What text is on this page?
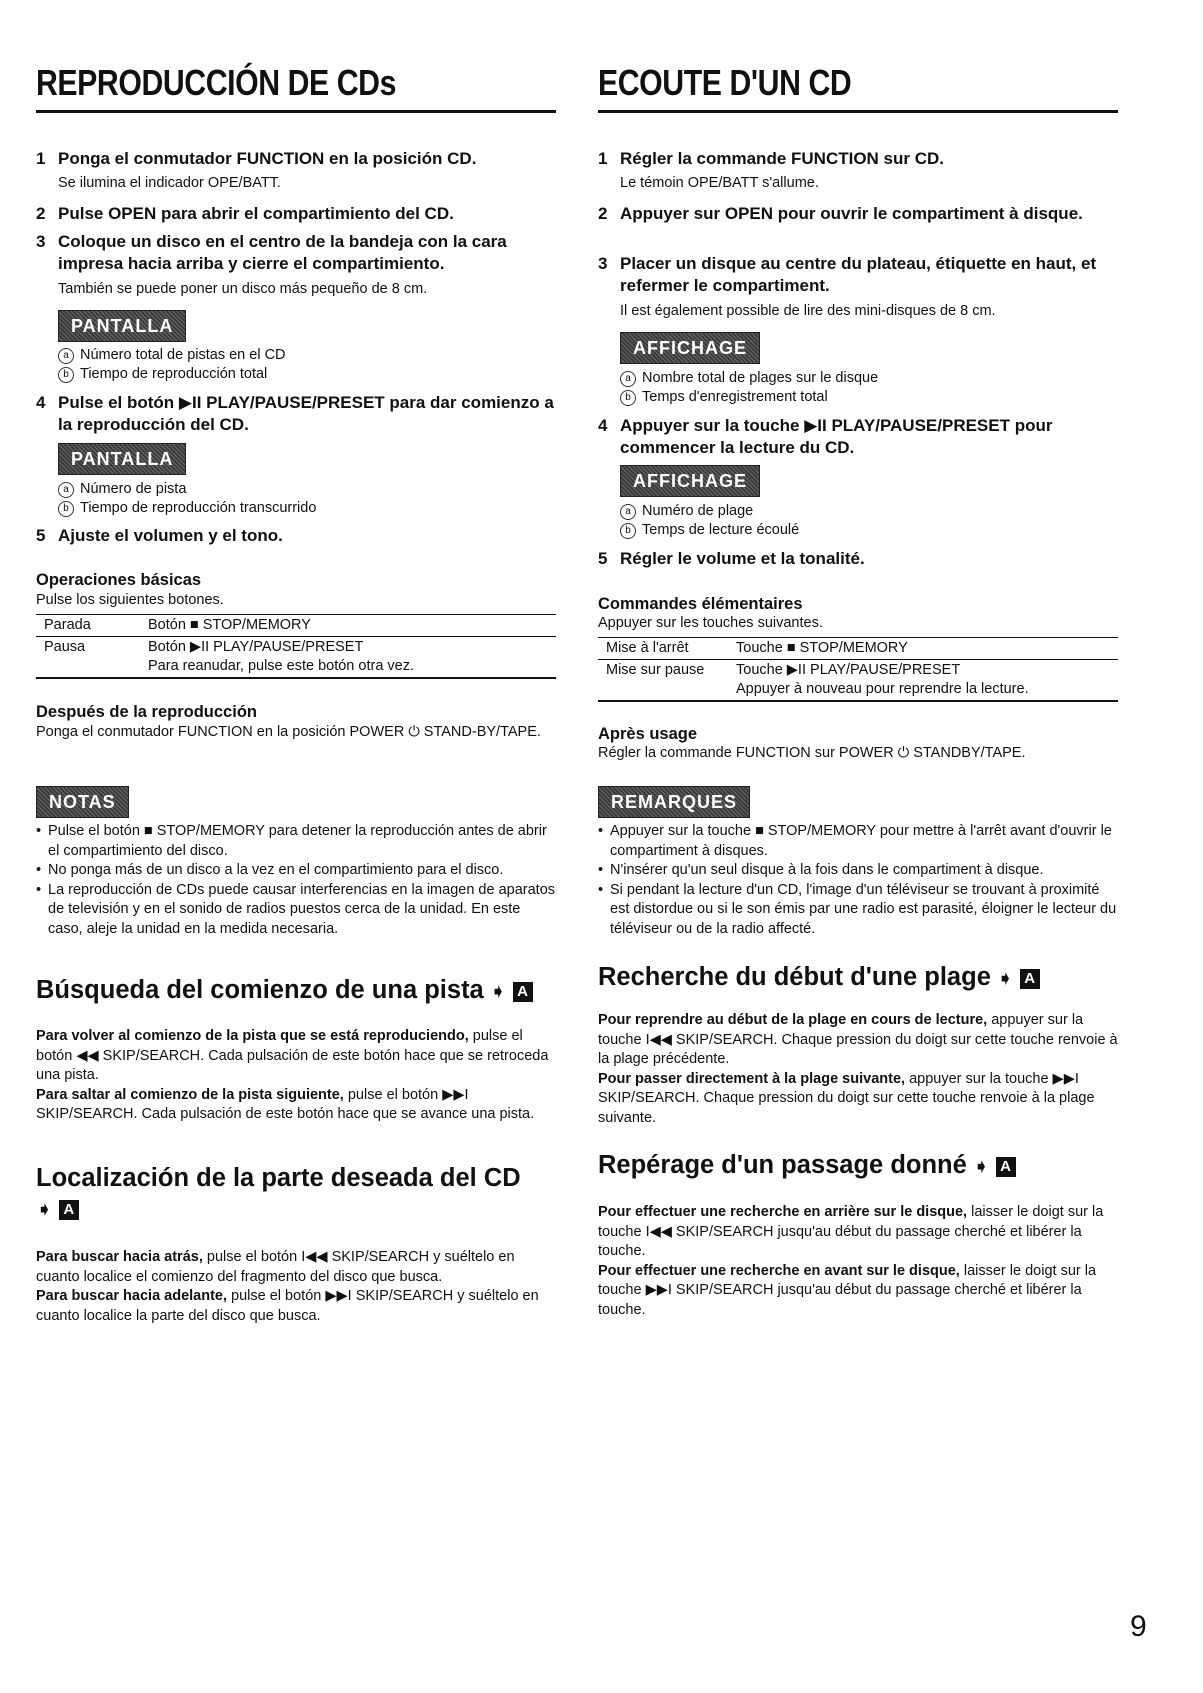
REPRODUCCIÓN DE CDs
1 Ponga el conmutador FUNCTION en la posición CD.
Se ilumina el indicador OPE/BATT.
2 Pulse OPEN para abrir el compartimiento del CD.
3 Coloque un disco en el centro de la bandeja con la cara impresa hacia arriba y cierre el compartimiento.
También se puede poner un disco más pequeño de 8 cm.
PANTALLA
a Número total de pistas en el CD
b Tiempo de reproducción total
4 Pulse el botón ▶II PLAY/PAUSE/PRESET para dar comienzo a la reproducción del CD.
PANTALLA
a Número de pista
b Tiempo de reproducción transcurrido
5 Ajuste el volumen y el tono.
Operaciones básicas
Pulse los siguientes botones.
Parada	Botón ■ STOP/MEMORY
Pausa	Botón ▶II PLAY/PAUSE/PRESET
Para reanudar, pulse este botón otra vez.
Después de la reproducción
Ponga el conmutador FUNCTION en la posición POWER ⏻ STAND-BY/TAPE.
NOTAS
• Pulse el botón ■ STOP/MEMORY para detener la reproducción antes de abrir el compartimiento del disco.
• No ponga más de un disco a la vez en el compartimiento para el disco.
• La reproducción de CDs puede causar interferencias en la imagen de aparatos de televisión y en el sonido de radios puestos cerca de la unidad. En este caso, aleje la unidad en la medida necesaria.
Búsqueda del comienzo de una pista ➧ A
Para volver al comienzo de la pista que se está reproduciendo, pulse el botón ◀◀ SKIP/SEARCH. Cada pulsación de este botón hace que se retroceda una pista.
Para saltar al comienzo de la pista siguiente, pulse el botón ▶▶I SKIP/SEARCH. Cada pulsación de este botón hace que se avance una pista.
Localización de la parte deseada del CD
➧ A
Para buscar hacia atrás, pulse el botón I◀◀ SKIP/SEARCH y suéltelo en cuanto localice el comienzo del fragmento del disco que busca.
Para buscar hacia adelante, pulse el botón ▶▶I SKIP/SEARCH y suéltelo en cuanto localice la parte del disco que busca.
ECOUTE D'UN CD
1 Régler la commande FUNCTION sur CD.
Le témoin OPE/BATT s'allume.
2 Appuyer sur OPEN pour ouvrir le compartiment à disque.
3 Placer un disque au centre du plateau, étiquette en haut, et refermer le compartiment.
Il est également possible de lire des mini-disques de 8 cm.
AFFICHAGE
a Nombre total de plages sur le disque
b Temps d'enregistrement total
4 Appuyer sur la touche ▶II PLAY/PAUSE/PRESET pour commencer la lecture du CD.
AFFICHAGE
a Numéro de plage
b Temps de lecture écoulé
5 Régler le volume et la tonalité.
Commandes élémentaires
Appuyer sur les touches suivantes.
Mise à l'arrêt	Touche ■ STOP/MEMORY
Mise sur pause Touche ▶II PLAY/PAUSE/PRESET
Appuyer à nouveau pour reprendre la lecture.
Après usage
Régler la commande FUNCTION sur POWER ⏻ STANDBY/TAPE.
REMARQUES
• Appuyer sur la touche ■ STOP/MEMORY pour mettre à l'arrêt avant d'ouvrir le compartiment à disques.
• N'insérer qu'un seul disque à la fois dans le compartiment à disque.
• Si pendant la lecture d'un CD, l'image d'un téléviseur se trouvant à proximité est distordue ou si le son émis par une radio est parasité, éloigner le lecteur du téléviseur ou de la radio affecté.
Recherche du début d'une plage ➧ A
Pour reprendre au début de la plage en cours de lecture, appuyer sur la touche I◀◀ SKIP/SEARCH. Chaque pression du doigt sur cette touche renvoie à la plage précédente.
Pour passer directement à la plage suivante, appuyer sur la touche ▶▶I SKIP/SEARCH. Chaque pression du doigt sur cette touche renvoie à la plage suivante.
Repérage d'un passage donné ➧ A
Pour effectuer une recherche en arrière sur le disque, laisser le doigt sur la touche I◀◀ SKIP/SEARCH jusqu'au début du passage cherché et libérer la touche.
Pour effectuer une recherche en avant sur le disque, laisser le doigt sur la touche ▶▶I SKIP/SEARCH jusqu'au début du passage cherché et libérer la touche.
9
